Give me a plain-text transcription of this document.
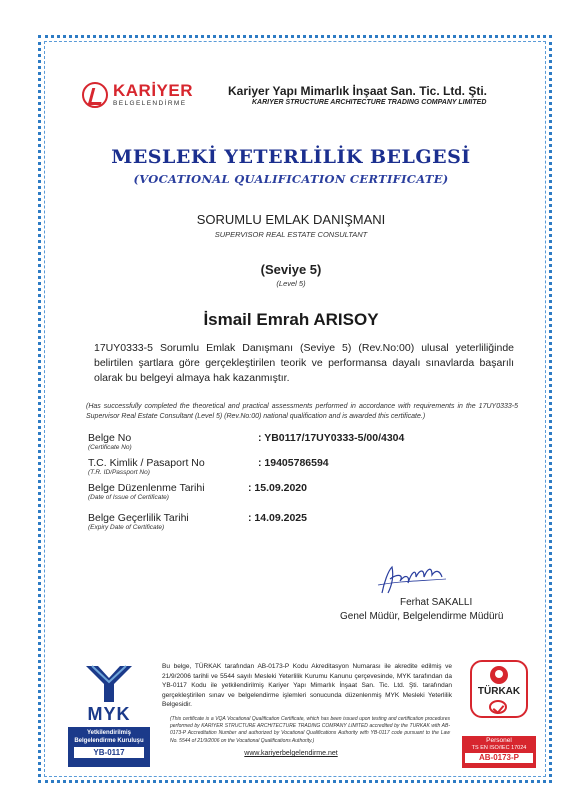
KARİYER
BELGELENDİRME
Kariyer Yapı Mimarlık İnşaat San. Tic. Ltd. Şti.
KARIYER STRUCTURE ARCHITECTURE TRADING COMPANY LIMITED
MESLEKİ YETERLİLİK BELGESİ
(VOCATIONAL QUALIFICATION CERTIFICATE)
SORUMLU EMLAK DANIŞMANI
SUPERVISOR REAL ESTATE CONSULTANT
(Seviye 5)
(Level 5)
İsmail Emrah ARISOY
17UY0333-5 Sorumlu Emlak Danışmanı (Seviye 5) (Rev.No:00) ulusal yeterliliğinde belirtilen şartlara göre gerçekleştirilen teorik ve performansa dayalı sınavlarda başarılı olarak bu belgeyi almaya hak kazanmıştır.
(Has successfully completed the theoretical and practical assessments performed in accordance with requirements in the 17UY0333-5 Supervisor Real Estate Consultant (Level 5) (Rev.No:00) national qualification and is awarded this certificate.)
Belge No
(Certificate No)
: YB0117/17UY0333-5/00/4304
T.C. Kimlik / Pasaport No
(T.R. ID/Passport No)
: 19405786594
Belge Düzenlenme Tarihi
(Date of Issue of Certificate)
: 15.09.2020
Belge Geçerlilik Tarihi
(Expiry Date of Certificate)
: 14.09.2025
Ferhat SAKALLI
Genel Müdür, Belgelendirme Müdürü
MYK
Yetkilendirilmiş
Belgelendirme Kuruluşu
YB-0117
Bu belge, TÜRKAK tarafından AB-0173-P Kodu Akreditasyon Numarası ile akredite edilmiş ve 21/9/2006 tarihli ve 5544 sayılı Mesleki Yeterlilik Kurumu Kanunu çerçevesinde, MYK tarafından da YB-0117 Kodu ile yetkilendirilmiş Kariyer Yapı Mimarlık İnşaat San. Tic. Ltd. Şti. tarafından gerçekleştirilen sınav ve belgelendirme işlemleri sonucunda düzenlenmiş MYK Mesleki Yeterlilik Belgesidir.
(This certificate is a VQA Vocational Qualification Certificate, which has been issued upon testing and certification procedures performed by KARIYER STRUCTURE ARCHITECTURE TRADING COMPANY LIMITED accredited by the TURKAK with AB-0173-P Accreditation Number and authorized by Vocational Qualifications Authority with YB-0117 code pursuant to the Law No. 5544 of 21/9/2006 on the Vocational Qualifications Authority.)
www.kariyerbelgelendirme.net
TÜRKAK
Personel
TS EN ISO/IEC 17024
AB-0173-P
